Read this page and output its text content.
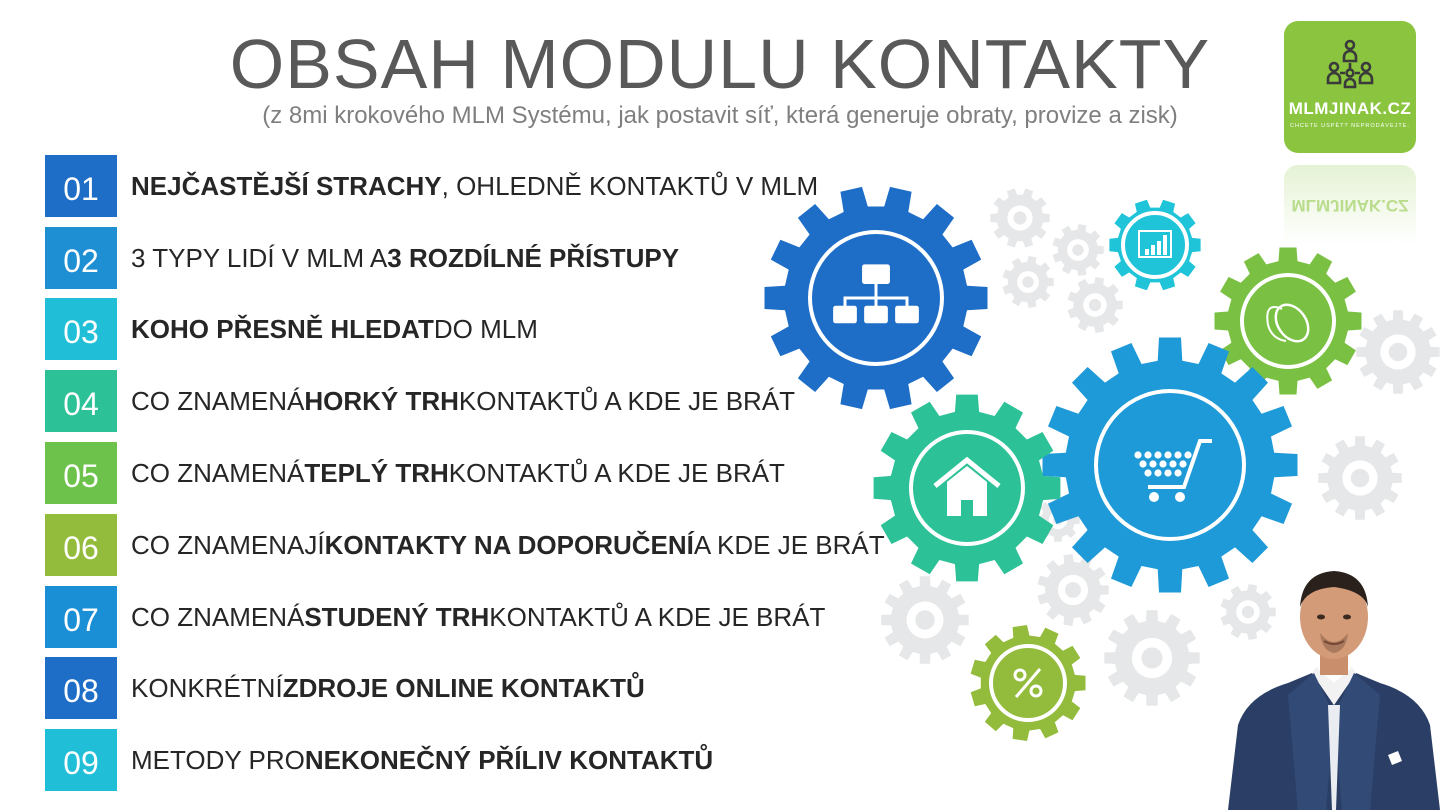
OBSAH MODULU KONTAKTY
(z 8mi krokového MLM Systému, jak postavit síť, která generuje obraty, provize a zisk)	MLMJINAK.CZ
CHCETE USPĚT? NEPRODÁVEJTE.
MLMJINAK.CZ
01	NEJČASTĚJŠÍ STRACHY , OHLEDNĚ KONTAKTŮ V MLM
02	3 TYPY LIDÍ V MLM A 3 ROZDÍLNÉ PŘÍSTUPY
03	KOHO PŘESNĚ HLEDAT DO MLM
04	CO ZNAMENÁ HORKÝ TRH KONTAKTŮ A KDE JE BRÁT
05	CO ZNAMENÁ TEPLÝ TRH KONTAKTŮ A KDE JE BRÁT
06	CO ZNAMENAJÍ KONTAKTY NA DOPORUČENÍ A KDE JE BRÁT
07	CO ZNAMENÁ STUDENÝ TRH KONTAKTŮ A KDE JE BRÁT
08	KONKRÉTNÍ ZDROJE ONLINE KONTAKTŮ
09	METODY PRO NEKONEČNÝ PŘÍLIV KONTAKTŮ
